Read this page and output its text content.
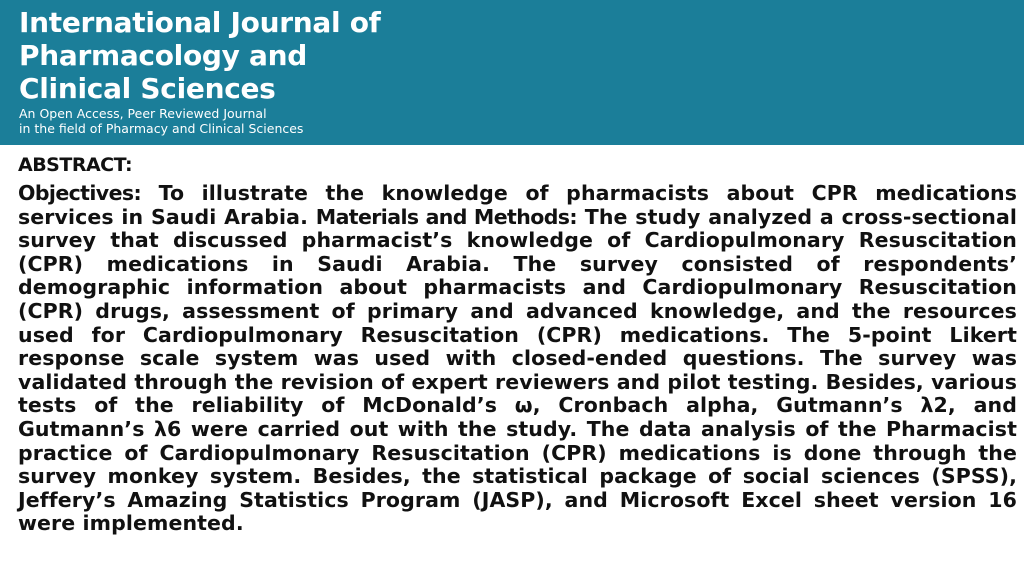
International Journal of
Pharmacology and
Clinical Sciences
An Open Access, Peer Reviewed Journal
in the field of Pharmacy and Clinical Sciences
ABSTRACT:

Objectives: To illustrate the knowledge of pharmacists about CPR medications services in Saudi Arabia. Materials and Methods: The study analyzed a cross-sectional survey that discussed pharmacist’s knowledge of Cardiopulmonary Resuscitation (CPR) medications in Saudi Arabia. The survey consisted of respondents’ demographic information about pharmacists and Cardiopulmonary Resuscitation (CPR) drugs, assessment of primary and advanced knowledge, and the resources used for Cardiopulmonary Resuscitation (CPR) medications. The 5-point Likert response scale system was used with closed-ended questions. The survey was validated through the revision of expert reviewers and pilot testing. Besides, various tests of the reliability of McDonald’s ω, Cronbach alpha, Gutmann’s λ2, and Gutmann’s λ6 were carried out with the study. The data analysis of the Pharmacist practice of Cardiopulmonary Resuscitation (CPR) medications is done through the survey monkey system. Besides, the statistical package of social sciences (SPSS), Jeffery’s Amazing Statistics Program (JASP), and Microsoft Excel sheet version 16 were implemented.
